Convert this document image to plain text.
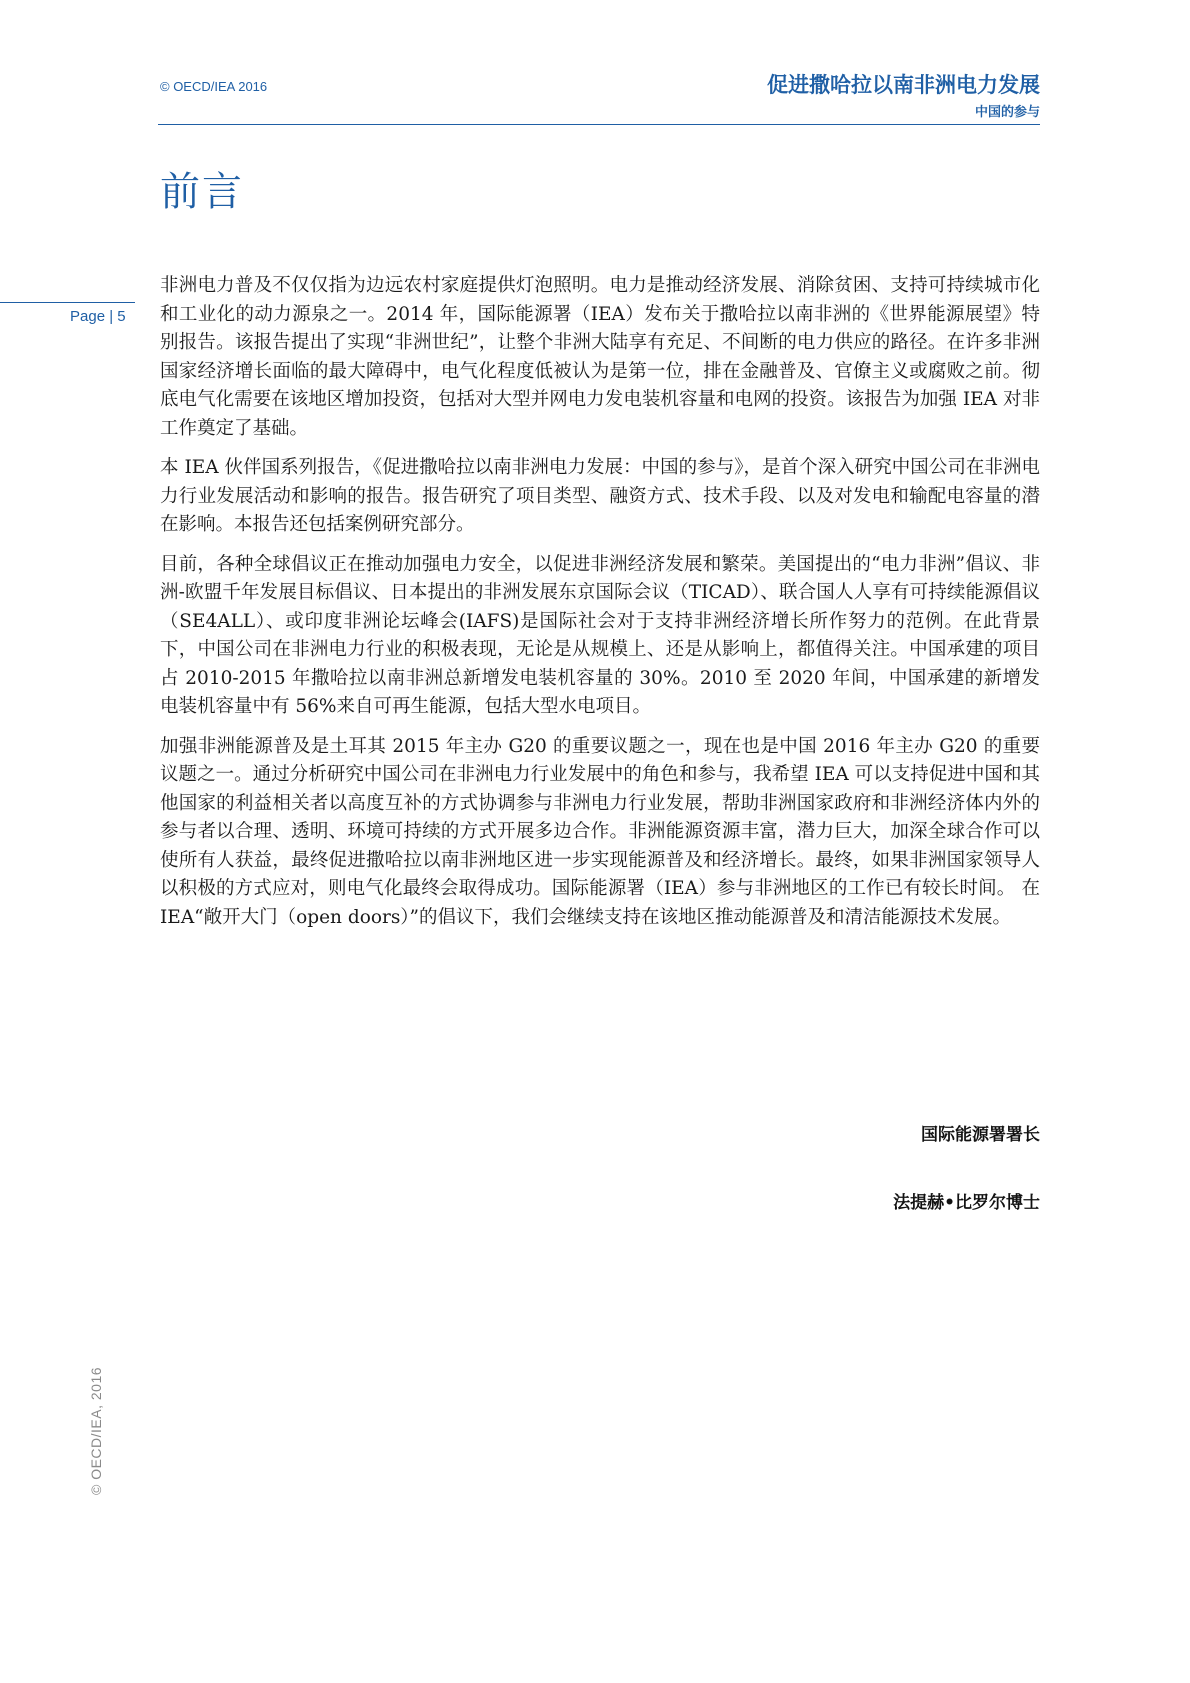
© OECD/IEA 2016	促进撒哈拉以南非洲电力发展
中国的参与
前言
Page | 5

非洲电力普及不仅仅指为边远农村家庭提供灯泡照明。电力是推动经济发展、消除贫困、支持可持续城市化和工业化的动力源泉之一。2014 年，国际能源署（IEA）发布关于撒哈拉以南非洲的《世界能源展望》特别报告。该报告提出了实现“非洲世纪”，让整个非洲大陆享有充足、不间断的电力供应的路径。在许多非洲国家经济增长面临的最大障碍中，电气化程度低被认为是第一位，排在金融普及、官僚主义或腐败之前。彻底电气化需要在该地区增加投资，包括对大型并网电力发电装机容量和电网的投资。该报告为加强 IEA 对非工作奠定了基础。

本 IEA 伙伴国系列报告，《促进撒哈拉以南非洲电力发展：中国的参与》，是首个深入研究中国公司在非洲电力行业发展活动和影响的报告。报告研究了项目类型、融资方式、技术手段、以及对发电和输配电容量的潜在影响。本报告还包括案例研究部分。

目前，各种全球倡议正在推动加强电力安全，以促进非洲经济发展和繁荣。美国提出的“电力非洲”倡议、非洲-欧盟千年发展目标倡议、日本提出的非洲发展东京国际会议（TICAD）、联合国人人享有可持续能源倡议（SE4ALL）、或印度非洲论坛峰会(IAFS)是国际社会对于支持非洲经济增长所作努力的范例。在此背景下，中国公司在非洲电力行业的积极表现，无论是从规模上、还是从影响上，都值得关注。中国承建的项目占 2010-2015 年撒哈拉以南非洲总新增发电装机容量的 30%。2010 至 2020 年间，中国承建的新增发电装机容量中有 56%来自可再生能源，包括大型水电项目。

加强非洲能源普及是土耳其 2015 年主办 G20 的重要议题之一，现在也是中国 2016 年主办 G20 的重要议题之一。通过分析研究中国公司在非洲电力行业发展中的角色和参与，我希望 IEA 可以支持促进中国和其他国家的利益相关者以高度互补的方式协调参与非洲电力行业发展，帮助非洲国家政府和非洲经济体内外的参与者以合理、透明、环境可持续的方式开展多边合作。非洲能源资源丰富，潜力巨大，加深全球合作可以使所有人获益，最终促进撒哈拉以南非洲地区进一步实现能源普及和经济增长。最终，如果非洲国家领导人以积极的方式应对，则电气化最终会取得成功。国际能源署（IEA）参与非洲地区的工作已有较长时间。 在 IEA“敞开大门（open doors）”的倡议下，我们会继续支持在该地区推动能源普及和清洁能源技术发展。

国际能源署署长
法提赫•比罗尔博士
© OECD/IEA, 2016
